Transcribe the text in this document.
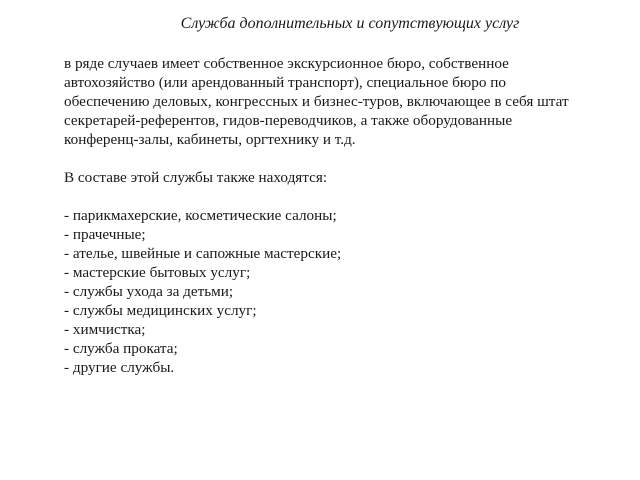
Служба дополнительных и сопутствующих услуг
в ряде случаев имеет собственное экскурсионное бюро, собственное
автохозяйство (или арендованный транспорт), специальное бюро по
обеспечению деловых, конгрессных и бизнес-туров, включающее в себя штат
секретарей-референтов, гидов-переводчиков, а также оборудованные
конференц-залы, кабинеты, оргтехнику и т.д.
В составе этой службы также находятся:
- парикмахерские, косметические салоны;
- прачечные;
- ателье, швейные и сапожные мастерские;
- мастерские бытовых услуг;
- службы ухода за детьми;
- службы медицинских услуг;
- химчистка;
- служба проката;
- другие службы.
